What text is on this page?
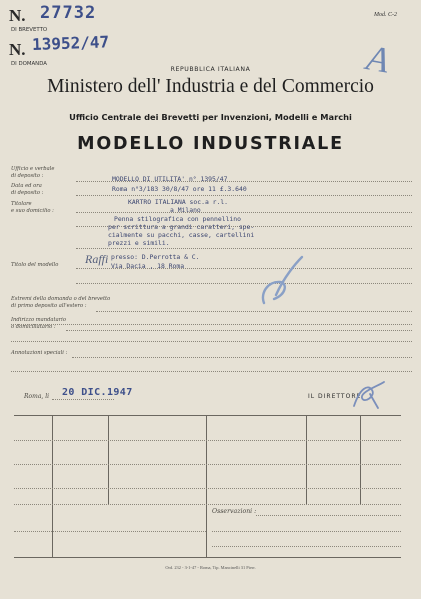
N. 27732
DI BREVETTO
N. 13952/47
DI DOMANDA
Mod. C-2
A
REPUBBLICA ITALIANA
Ministero dell' Industria e del Commercio
Ufficio Centrale dei Brevetti per Invenzioni, Modelli e Marchi
MODELLO INDUSTRIALE
Ufficio e verbale
di deposito :	MODELLO DI UTILITA' n° 1395/47
Data ed ora
di deposito :	Roma n°3/183 30/8/47 ore 11 £.3.640
Titolare
e suo domicilio :
KARTRO ITALIANA soc.a r.l.
a Milano
Penna stilografica con pennellino
per scrittura a grandi caratteri, spe-
cialmente su pacchi, casse, cartellini
prezzi e simili.
Titolo del modello Raffi presso: D.Perrotta & C.
Via Dacia , 18 Roma
Estremi della domanda o del brevetto
di primo deposito all'estero :
Indirizzo mandatario
o domiciliatario :
Annotazioni speciali :
Roma, li 20 DIC.1947	IL DIRETTORE
Osservazioni :
Ord. 232 - 3-1-47 - Roma, Tip. Mancinelli 31 Pierr.
